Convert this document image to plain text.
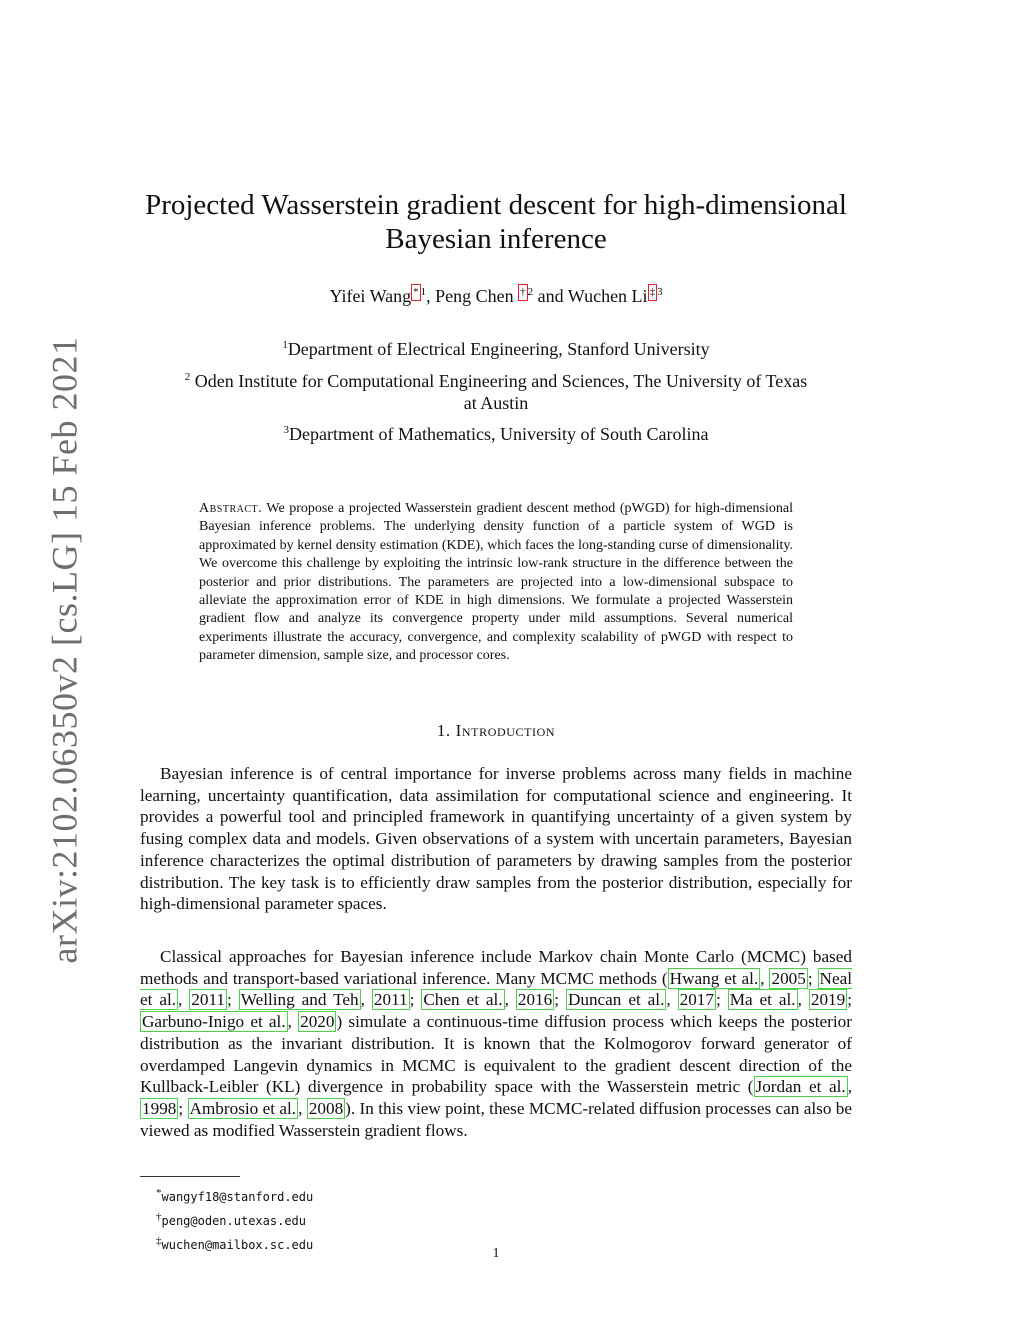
arXiv:2102.06350v2 [cs.LG] 15 Feb 2021
Projected Wasserstein gradient descent for high-dimensional
Bayesian inference
Yifei Wang * $^1$, Peng Chen † $^2$ and Wuchen Li ‡ $^3$
$^1$Department of Electrical Engineering, Stanford University
$^2$ Oden Institute for Computational Engineering and Sciences, The University of Texas
at Austin
$^3$Department of Mathematics, University of South Carolina

Abstract. We propose a projected Wasserstein gradient descent method (pWGD) for high-dimensional Bayesian inference problems. The underlying density function of a particle system of WGD is approximated by kernel density estimation (KDE), which faces the long-standing curse of dimensionality. We overcome this challenge by exploiting the intrinsic low-rank structure in the difference between the posterior and prior distributions. The parameters are projected into a low-dimensional subspace to alleviate the approximation error of KDE in high dimensions. We formulate a projected Wasserstein gradient flow and analyze its convergence property under mild assumptions. Several numerical experiments illustrate the accuracy, convergence, and complexity scalability of pWGD with respect to parameter dimension, sample size, and processor cores.

1. Introduction

Bayesian inference is of central importance for inverse problems across many fields in machine learning, uncertainty quantification, data assimilation for computational science and engineering. It provides a powerful tool and principled framework in quantifying uncertainty of a given system by fusing complex data and models. Given observations of a system with uncertain parameters, Bayesian inference characterizes the optimal distribution of parameters by drawing samples from the posterior distribution. The key task is to efficiently draw samples from the posterior distribution, especially for high-dimensional parameter spaces.

Classical approaches for Bayesian inference include Markov chain Monte Carlo (MCMC) based methods and transport-based variational inference. Many MCMC methods ( Hwang et al. , 2005 ; Neal et al. , 2011 ; Welling and Teh , 2011 ; Chen et al. , 2016 ; Duncan et al. , 2017 ; Ma et al. , 2019 ; Garbuno-Inigo et al. , 2020 ) simulate a continuous-time diffusion process which keeps the posterior distribution as the invariant distribution. It is known that the Kolmogorov forward generator of overdamped Langevin dynamics in MCMC is equivalent to the gradient descent direction of the Kullback-Leibler (KL) divergence in probability space with the Wasserstein metric ( Jordan et al. , 1998 ; Ambrosio et al. , 2008 ). In this view point, these MCMC-related diffusion processes can also be viewed as modified Wasserstein gradient flows.

*wangyf18@stanford.edu
†peng@oden.utexas.edu
‡wuchen@mailbox.sc.edu
1
